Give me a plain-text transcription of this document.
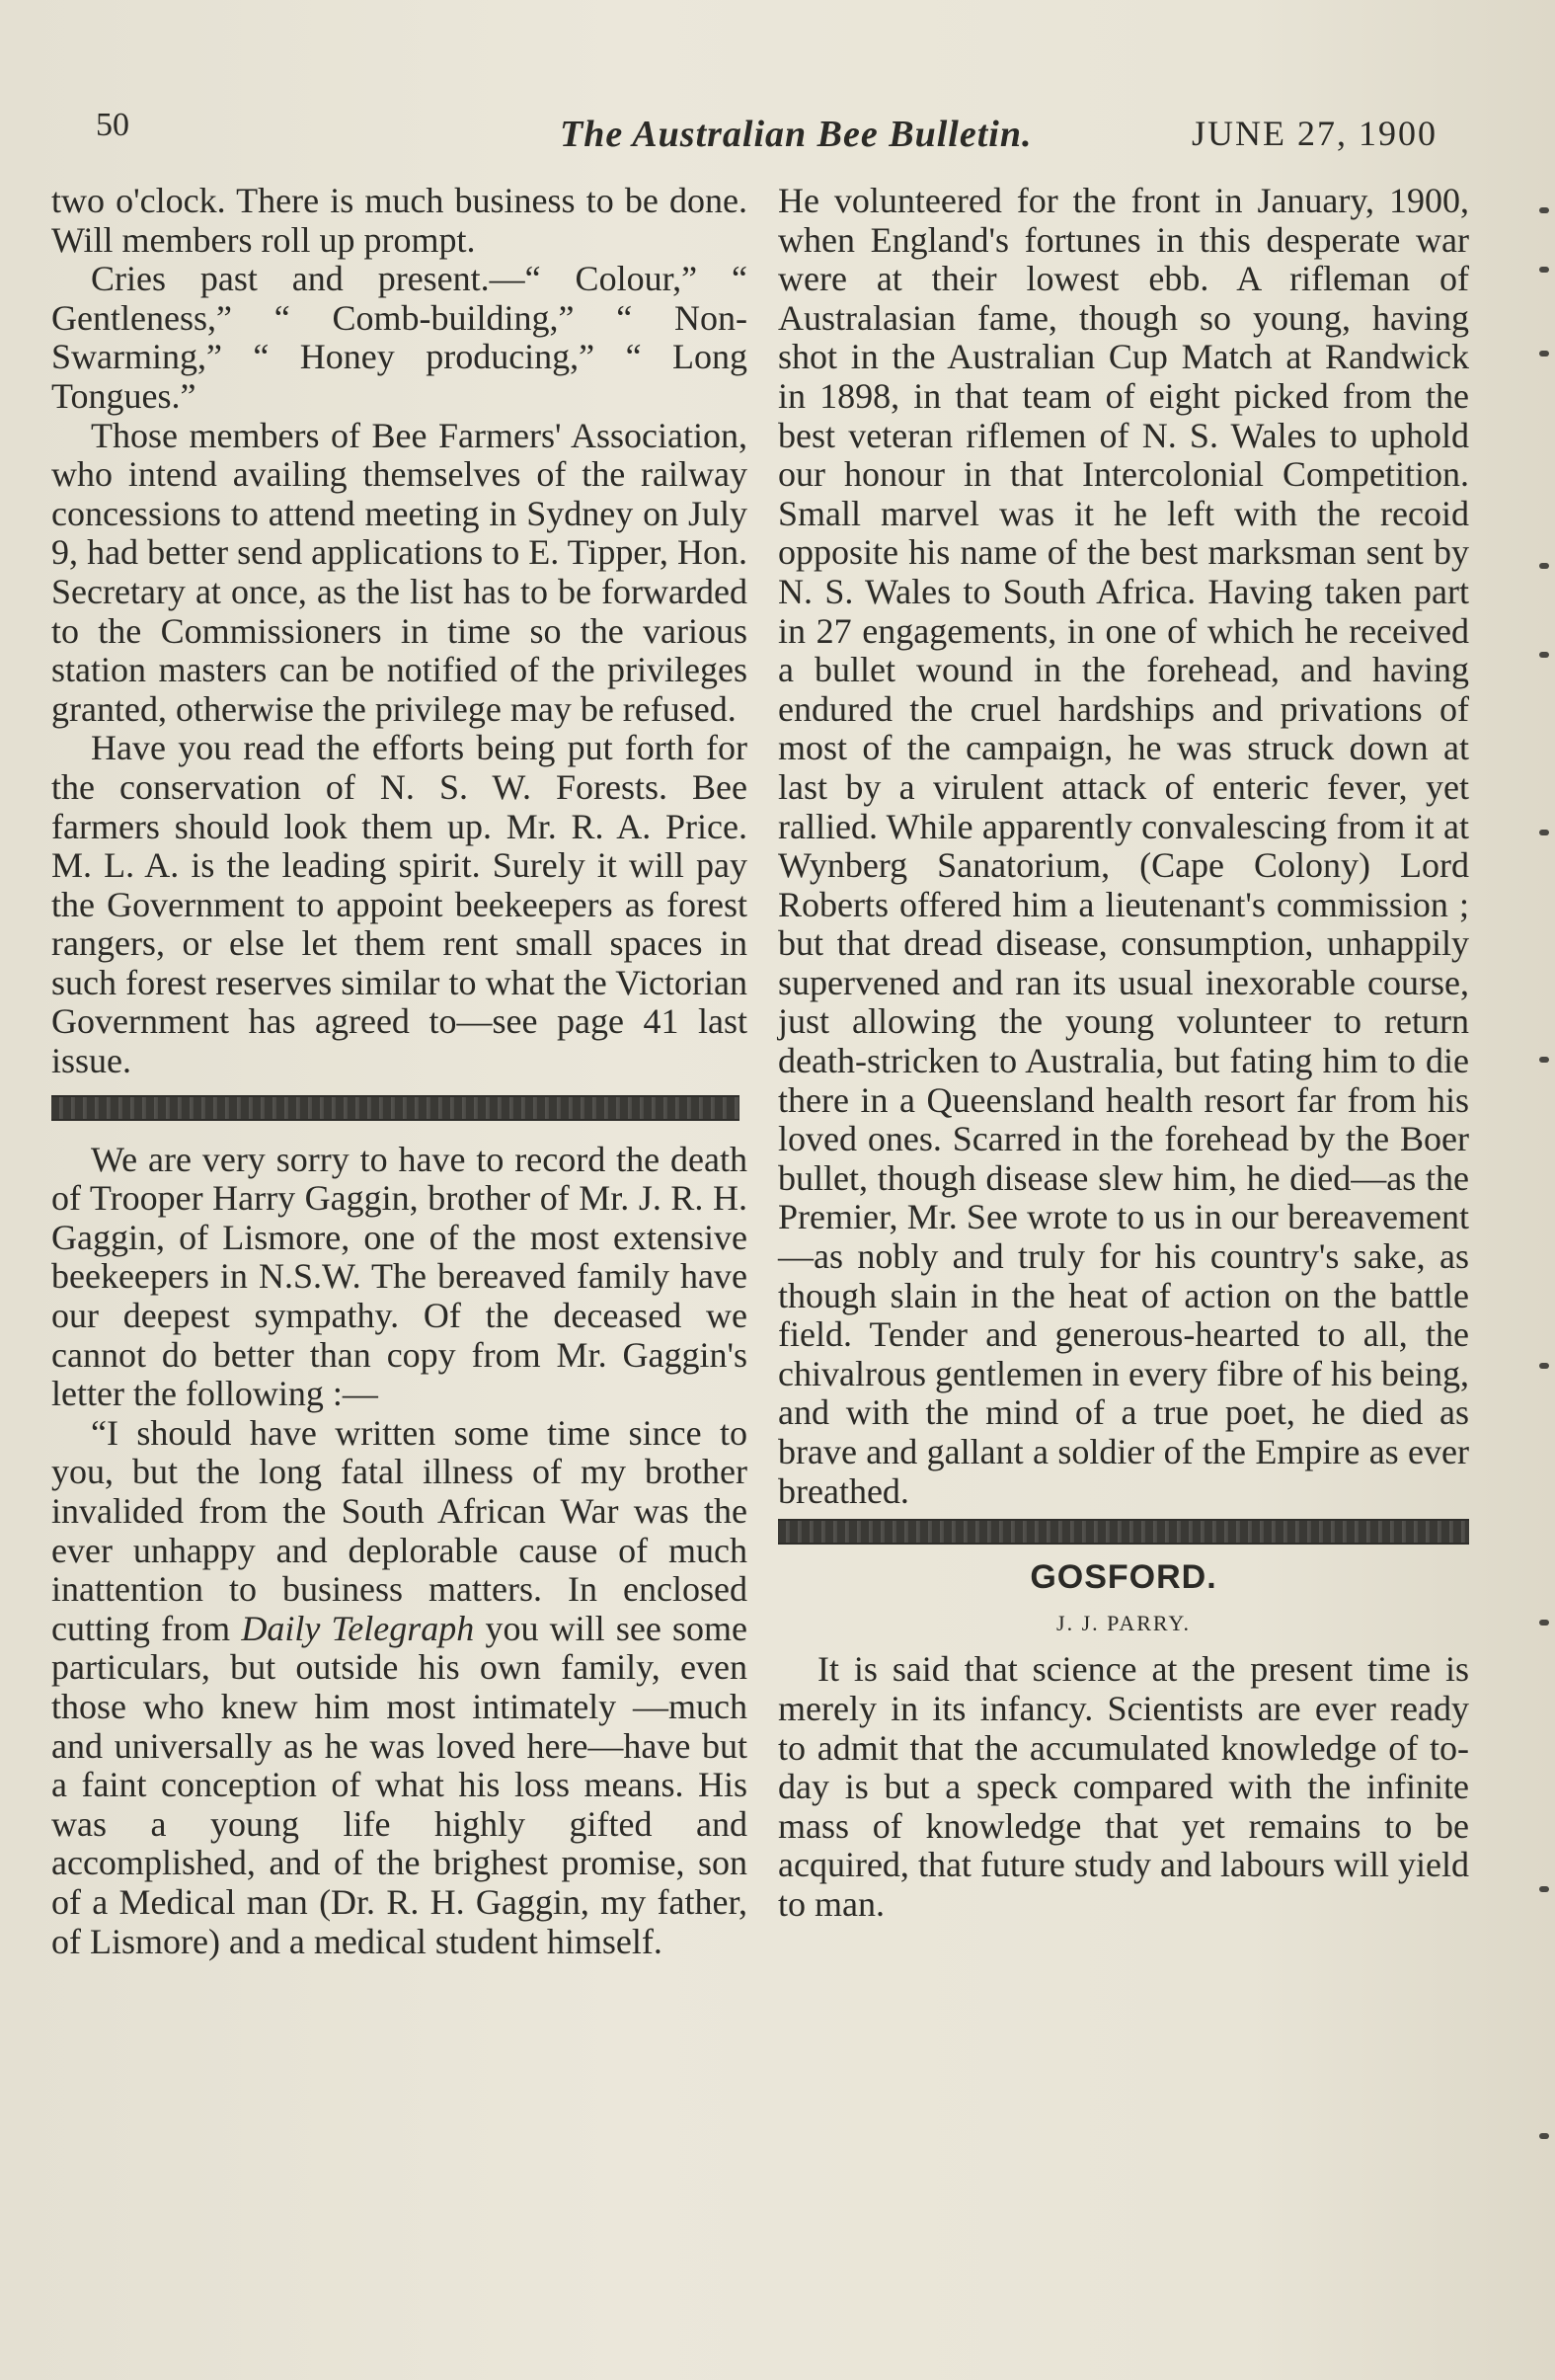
50	The Australian Bee Bulletin.	JUNE 27, 1900

two o'clock. There is much business to be done. Will members roll up prompt.

Cries past and present.—“ Colour,” “ Gentleness,” “ Comb-building,” “ Non-Swarming,” “ Honey producing,” “ Long Tongues.”

Those members of Bee Farmers' Association, who intend availing themselves of the railway concessions to attend meeting in Sydney on July 9, had better send applications to E. Tipper, Hon. Secretary at once, as the list has to be forwarded to the Commissioners in time so the various station masters can be notified of the privileges granted, otherwise the privilege may be refused.

Have you read the efforts being put forth for the conservation of N. S. W. Forests. Bee farmers should look them up. Mr. R. A. Price. M. L. A. is the leading spirit. Surely it will pay the Government to appoint beekeepers as forest rangers, or else let them rent small spaces in such forest reserves similar to what the Victorian Government has agreed to—see page 41 last issue.

We are very sorry to have to record the death of Trooper Harry Gaggin, brother of Mr. J. R. H. Gaggin, of Lismore, one of the most extensive beekeepers in N.S.W. The bereaved family have our deepest sympathy. Of the deceased we cannot do better than copy from Mr. Gaggin's letter the following :—

“I should have written some time since to you, but the long fatal illness of my brother invalided from the South African War was the ever unhappy and deplorable cause of much inattention to business matters. In enclosed cutting from Daily Telegraph you will see some particulars, but outside his own family, even those who knew him most intimately —much and universally as he was loved here—have but a faint conception of what his loss means. His was a young life highly gifted and accomplished, and of the brighest promise, son of a Medical man (Dr. R. H. Gaggin, my father, of Lismore) and a medical student himself.

He volunteered for the front in January, 1900, when England's fortunes in this desperate war were at their lowest ebb. A rifleman of Australasian fame, though so young, having shot in the Australian Cup Match at Randwick in 1898, in that team of eight picked from the best veteran riflemen of N. S. Wales to uphold our honour in that Intercolonial Competition. Small marvel was it he left with the recoid opposite his name of the best marksman sent by N. S. Wales to South Africa. Having taken part in 27 engagements, in one of which he received a bullet wound in the forehead, and having endured the cruel hardships and privations of most of the campaign, he was struck down at last by a virulent attack of enteric fever, yet rallied. While apparently convalescing from it at Wynberg Sanatorium, (Cape Colony) Lord Roberts offered him a lieutenant's commission ; but that dread disease, consumption, unhappily supervened and ran its usual inexorable course, just allowing the young volunteer to return death-stricken to Australia, but fating him to die there in a Queensland health resort far from his loved ones. Scarred in the forehead by the Boer bullet, though disease slew him, he died—as the Premier, Mr. See wrote to us in our bereavement—as nobly and truly for his country's sake, as though slain in the heat of action on the battle field. Tender and generous-hearted to all, the chivalrous gentlemen in every fibre of his being, and with the mind of a true poet, he died as brave and gallant a soldier of the Empire as ever breathed.

GOSFORD.
J. J. PARRY.

It is said that science at the present time is merely in its infancy. Scientists are ever ready to admit that the accumulated knowledge of to-day is but a speck compared with the infinite mass of knowledge that yet remains to be acquired, that future study and labours will yield to man.
